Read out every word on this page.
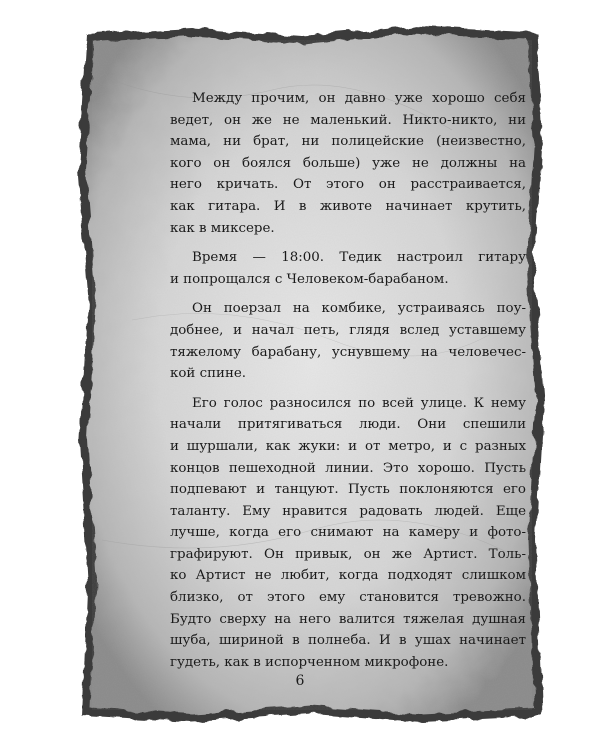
Между прочим, он давно уже хорошо себя
ведет, он же не маленький. Никто-никто, ни
мама, ни брат, ни полицейские (неизвестно,
кого он боялся больше) уже не должны на
него кричать. От этого он расстраивается,
как гитара. И в животе начинает крутить,
как в миксере.

Время — 18:00. Тедик настроил гитару
и попрощался с Человеком-барабаном.

Он поерзал на комбике, устраиваясь поу-
добнее, и начал петь, глядя вслед уставшему
тяжелому барабану, уснувшему на человечес-
кой спине.

Его голос разносился по всей улице. К нему
начали притягиваться люди. Они спешили
и шуршали, как жуки: и от метро, и с разных
концов пешеходной линии. Это хорошо. Пусть
подпевают и танцуют. Пусть поклоняются его
таланту. Ему нравится радовать людей. Еще
лучше, когда его снимают на камеру и фото-
графируют. Он привык, он же Артист. Толь-
ко Артист не любит, когда подходят слишком
близко, от этого ему становится тревожно.
Будто сверху на него валится тяжелая душная
шуба, шириной в полнеба. И в ушах начинает
гудеть, как в испорченном микрофоне.

6
